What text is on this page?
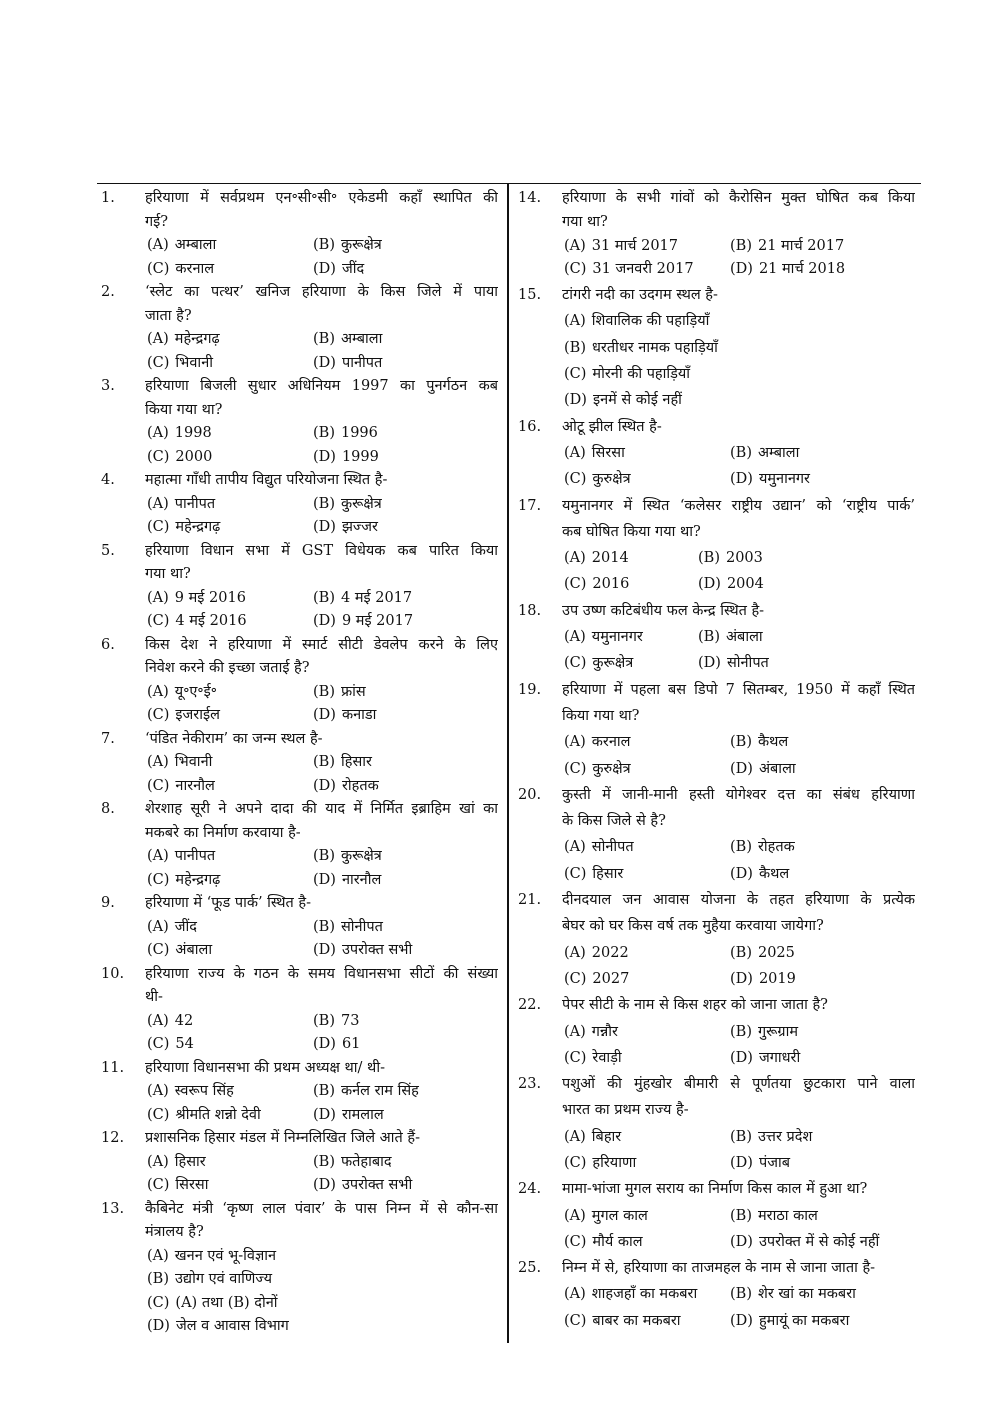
1.	हरियाणा में सर्वप्रथम एन॰सी॰सी॰ एकेडमी कहाँ स्थापित की
गई?
(A) अम्बाला	(B) कुरूक्षेत्र
(C) करनाल	(D) जींद
2.	‘स्लेट का पत्थर’ खनिज हरियाणा के किस जिले में पाया
जाता है?
(A) महेन्द्रगढ़	(B) अम्बाला
(C) भिवानी	(D) पानीपत
3.	हरियाणा बिजली सुधार अधिनियम 1997 का पुनर्गठन कब
किया गया था?
(A) 1998	(B) 1996
(C) 2000	(D) 1999
4.	महात्मा गाँधी तापीय विद्युत परियोजना स्थित है-
(A) पानीपत	(B) कुरूक्षेत्र
(C) महेन्द्रगढ़	(D) झज्जर
5.	हरियाणा विधान सभा में GST विधेयक कब पारित किया
गया था?
(A) 9 मई 2016	(B) 4 मई 2017
(C) 4 मई 2016	(D) 9 मई 2017
6.	किस देश ने हरियाणा में स्मार्ट सीटी डेवलेप करने के लिए
निवेश करने की इच्छा जताई है?
(A) यू॰ए॰ई॰	(B) फ्रांस
(C) इजराईल	(D) कनाडा
7.	‘पंडित नेकीराम’ का जन्म स्थल है-
(A) भिवानी	(B) हिसार
(C) नारनौल	(D) रोहतक
8.	शेरशाह सूरी ने अपने दादा की याद में निर्मित इब्राहिम खां का
मकबरे का निर्माण करवाया है-
(A) पानीपत	(B) कुरूक्षेत्र
(C) महेन्द्रगढ़	(D) नारनौल
9.	हरियाणा में ‘फूड पार्क’ स्थित है-
(A) जींद	(B) सोनीपत
(C) अंबाला	(D) उपरोक्त सभी
10.	हरियाणा राज्य के गठन के समय विधानसभा सीटों की संख्या
थी-
(A) 42	(B) 73
(C) 54	(D) 61
11.	हरियाणा विधानसभा की प्रथम अध्यक्ष था/ थी-
(A) स्वरूप सिंह	(B) कर्नल राम सिंह
(C) श्रीमति शन्नो देवी	(D) रामलाल
12.	प्रशासनिक हिसार मंडल में निम्नलिखित जिले आते हैं-
(A) हिसार	(B) फतेहाबाद
(C) सिरसा	(D) उपरोक्त सभी
13.	कैबिनेट मंत्री ‘कृष्ण लाल पंवार’ के पास निम्न में से कौन-सा
मंत्रालय है?
(A) खनन एवं भू-विज्ञान
(B) उद्योग एवं वाणिज्य
(C) (A) तथा (B) दोनों
(D) जेल व आवास विभाग
14.	हरियाणा के सभी गांवों को कैरोसिन मुक्त घोषित कब किया
गया था?
(A) 31 मार्च 2017	(B) 21 मार्च 2017
(C) 31 जनवरी 2017	(D) 21 मार्च 2018
15.	टांगरी नदी का उदगम स्थल है-
(A) शिवालिक की पहाड़ियाँ
(B) धरतीधर नामक पहाड़ियाँ
(C) मोरनी की पहाड़ियाँ
(D) इनमें से कोई नहीं
16.	ओटू झील स्थित है-
(A) सिरसा	(B) अम्बाला
(C) कुरुक्षेत्र	(D) यमुनानगर
17.	यमुनानगर में स्थित ‘कलेसर राष्ट्रीय उद्यान’ को ‘राष्ट्रीय पार्क’
कब घोषित किया गया था?
(A) 2014	(B) 2003
(C) 2016	(D) 2004
18.	उप उष्ण कटिबंधीय फल केन्द्र स्थित है-
(A) यमुनानगर	(B) अंबाला
(C) कुरूक्षेत्र	(D) सोनीपत
19.	हरियाणा में पहला बस डिपो 7 सितम्बर, 1950 में कहाँ स्थित
किया गया था?
(A) करनाल	(B) कैथल
(C) कुरुक्षेत्र	(D) अंबाला
20.	कुस्ती में जानी-मानी हस्ती योगेश्वर दत्त का संबंध हरियाणा
के किस जिले से है?
(A) सोनीपत	(B) रोहतक
(C) हिसार	(D) कैथल
21.	दीनदयाल जन आवास योजना के तहत हरियाणा के प्रत्येक
बेघर को घर किस वर्ष तक मुहैया करवाया जायेगा?
(A) 2022	(B) 2025
(C) 2027	(D) 2019
22.	पेपर सीटी के नाम से किस शहर को जाना जाता है?
(A) गन्नौर	(B) गुरूग्राम
(C) रेवाड़ी	(D) जगाधरी
23.	पशुओं की मुंहखोर बीमारी से पूर्णतया छुटकारा पाने वाला
भारत का प्रथम राज्य है-
(A) बिहार	(B) उत्तर प्रदेश
(C) हरियाणा	(D) पंजाब
24.	मामा-भांजा मुगल सराय का निर्माण किस काल में हुआ था?
(A) मुगल काल	(B) मराठा काल
(C) मौर्य काल	(D) उपरोक्त में से कोई नहीं
25.	निम्न में से, हरियाणा का ताजमहल के नाम से जाना जाता है-
(A) शाहजहाँ का मकबरा	(B) शेर खां का मकबरा
(C) बाबर का मकबरा	(D) हुमायूं का मकबरा
